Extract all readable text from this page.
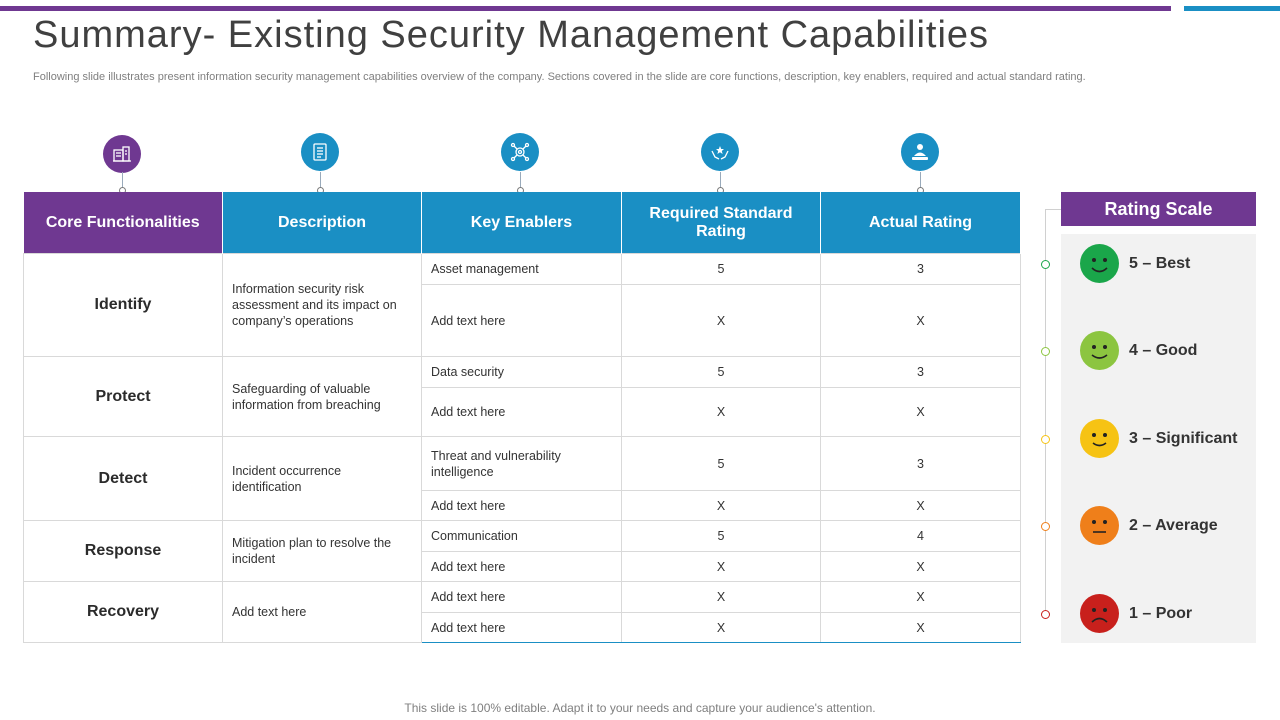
Summary- Existing Security Management Capabilities
Following slide illustrates present information security management capabilities overview of the company. Sections covered in the slide are core functions, description, key enablers, required and actual standard rating.
Core Functionalities	Description	Key Enablers	Required Standard Rating	Actual Rating
Identify	Information security risk assessment and its impact on company’s operations	Asset management	5	3
		Add text here	X	X
Protect	Safeguarding of valuable information from breaching	Data security	5	3
		Add text here	X	X
Detect	Incident occurrence identification	Threat and vulnerability intelligence	5	3
		Add text here	X	X
Response	Mitigation plan to resolve the incident	Communication	5	4
		Add text here	X	X
Recovery	Add text here	Add text here	X	X
		Add text here	X	X
Rating Scale
5 – Best
4 – Good
3 – Significant
2 – Average
1 – Poor
This slide is 100% editable. Adapt it to your needs and capture your audience's attention.
